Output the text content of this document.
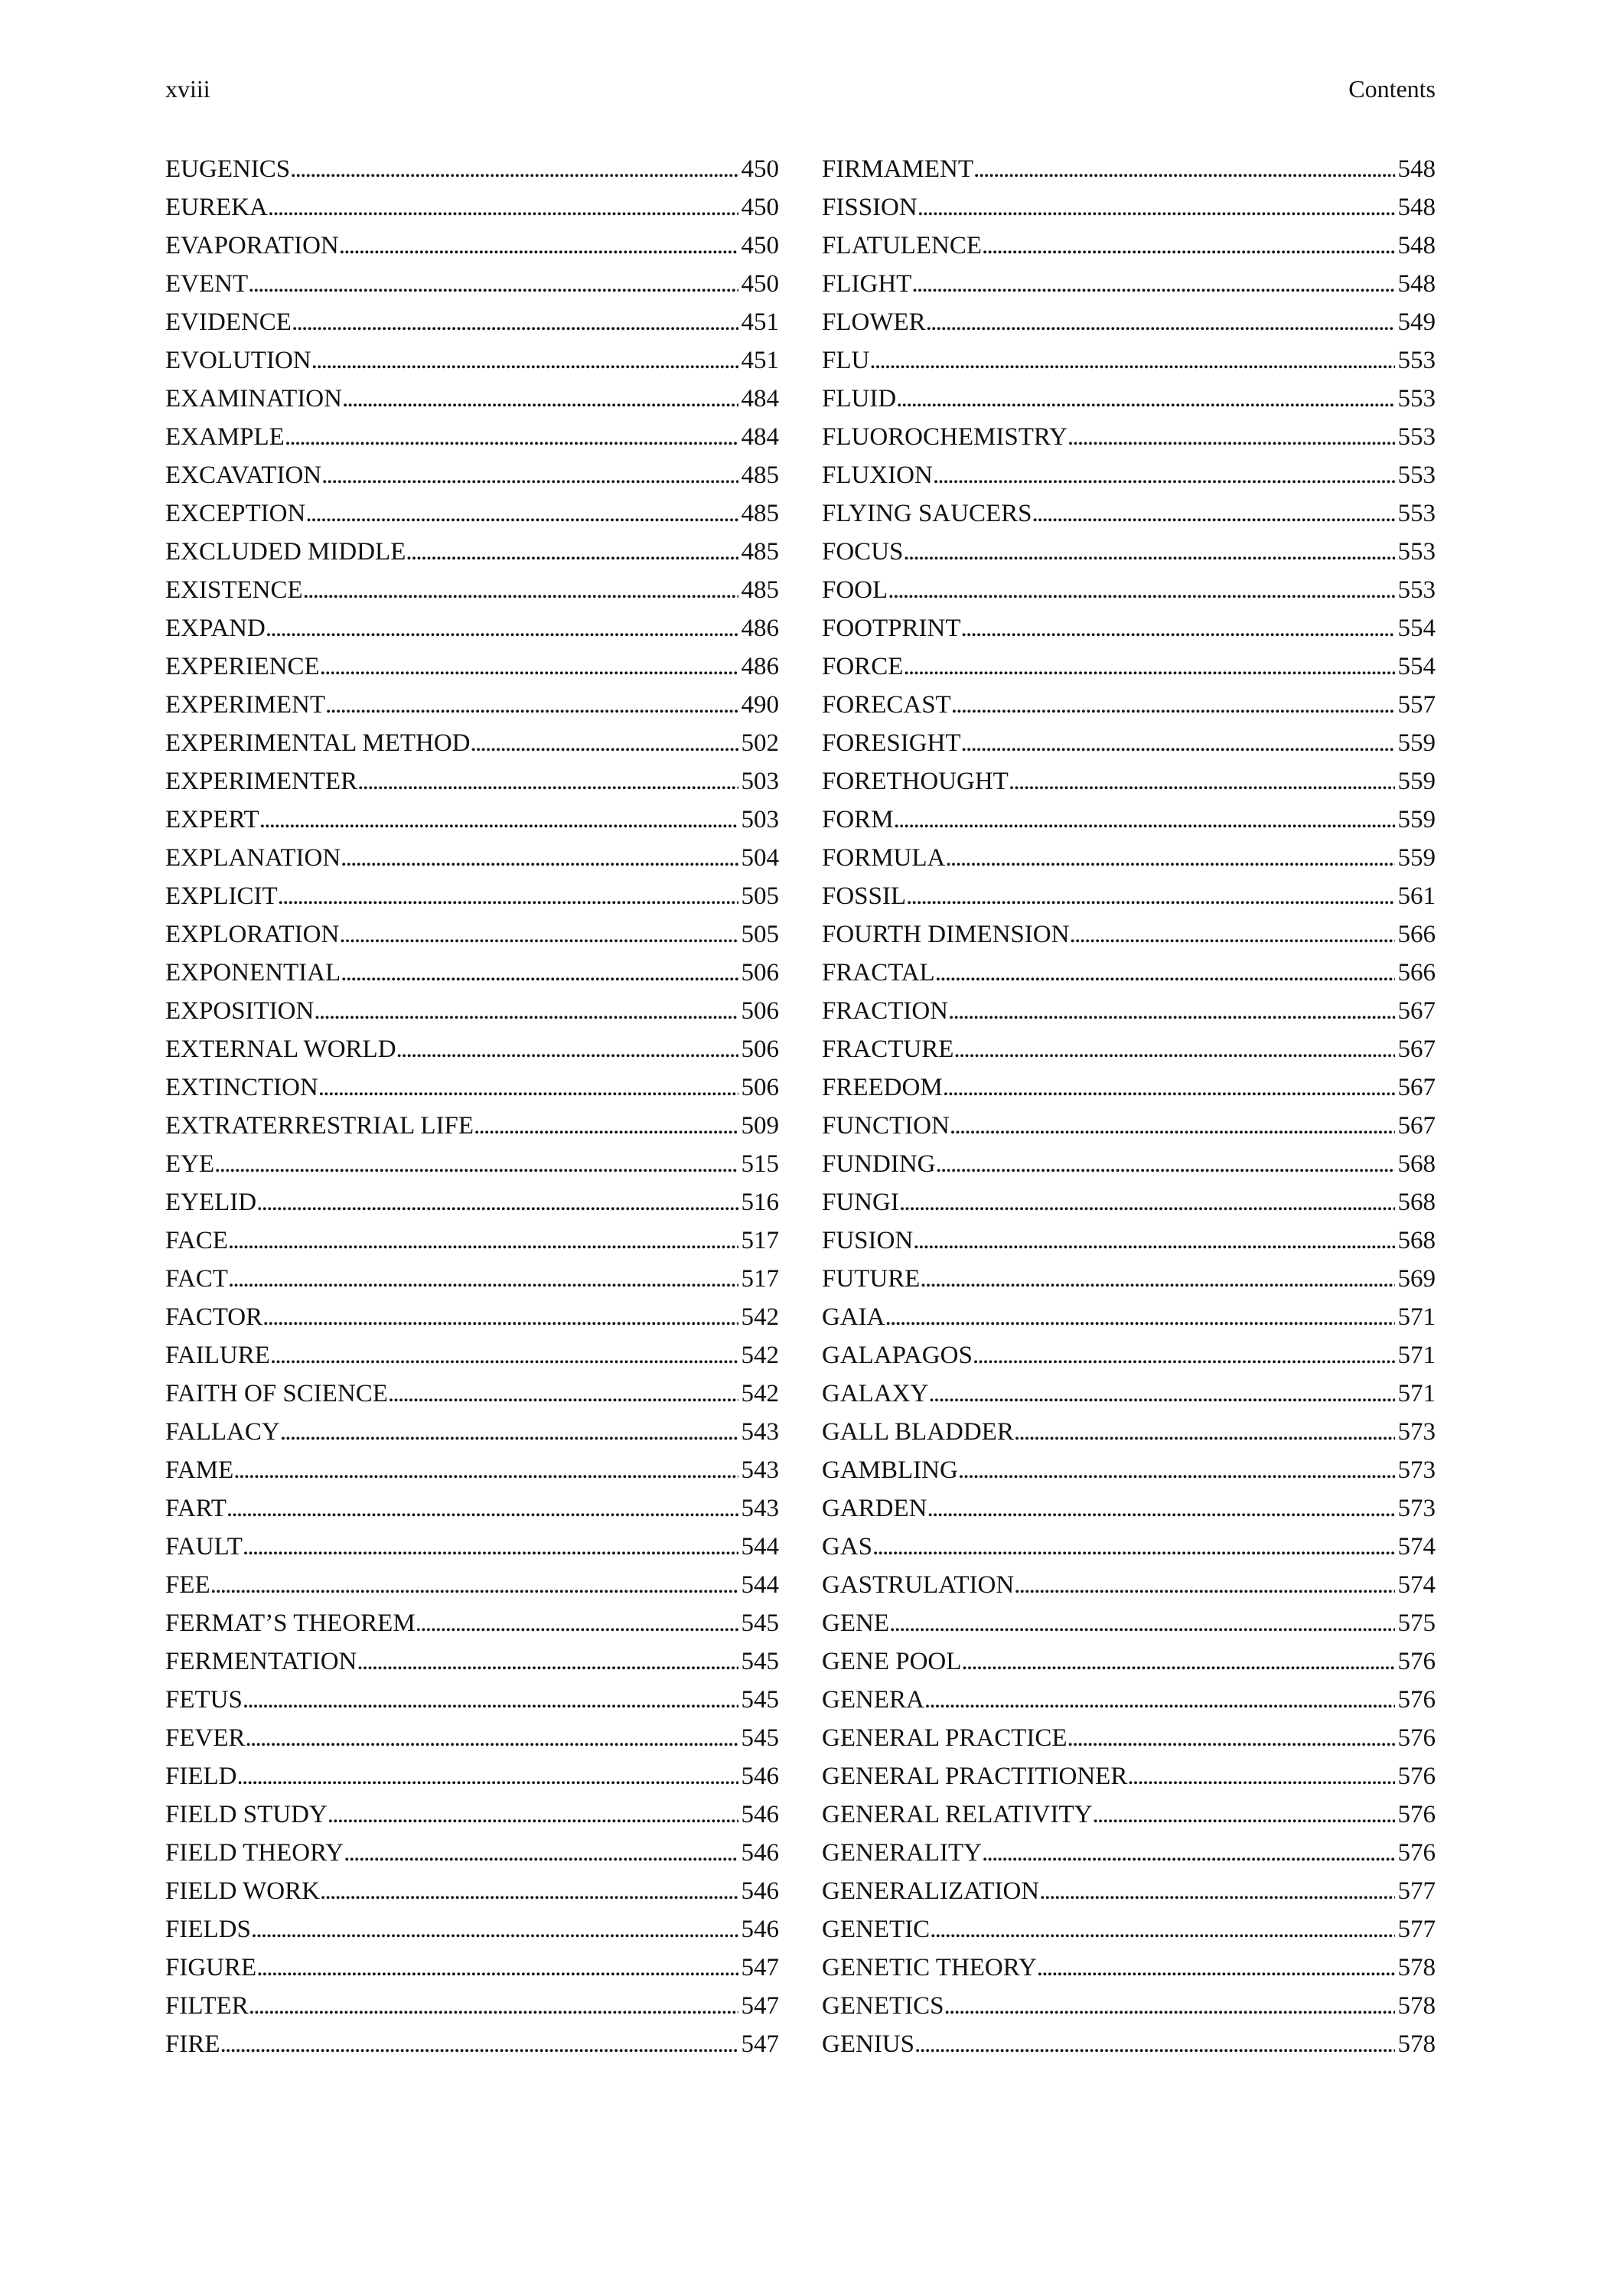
xviii	Contents
EUGENICS . . .	450
EUREKA . . .	450
EVAPORATION . . .	450
EVENT . . .	450
EVIDENCE . . .	451
EVOLUTION . . .	451
EXAMINATION . . .	484
EXAMPLE . . .	484
EXCAVATION . . .	485
EXCEPTION . . .	485
EXCLUDED MIDDLE . . .	485
EXISTENCE . . .	485
EXPAND . . .	486
EXPERIENCE . . .	486
EXPERIMENT . . .	490
EXPERIMENTAL METHOD . . .	502
EXPERIMENTER . . .	503
EXPERT . . .	503
EXPLANATION . . .	504
EXPLICIT . . .	505
EXPLORATION . . .	505
EXPONENTIAL . . .	506
EXPOSITION . . .	506
EXTERNAL WORLD . . .	506
EXTINCTION . . .	506
EXTRATERRESTRIAL LIFE . . .	509
EYE . . .	515
EYELID . . .	516
FACE . . .	517
FACT . . .	517
FACTOR . . .	542
FAILURE . . .	542
FAITH OF SCIENCE . . .	542
FALLACY . . .	543
FAME . . .	543
FART . . .	543
FAULT . . .	544
FEE . . .	544
FERMAT’S THEOREM . . .	545
FERMENTATION . . .	545
FETUS . . .	545
FEVER . . .	545
FIELD . . .	546
FIELD STUDY . . .	546
FIELD THEORY . . .	546
FIELD WORK . . .	546
FIELDS . . .	546
FIGURE . . .	547
FILTER . . .	547
FIRE . . .	547
FIRMAMENT . . .	548
FISSION . . .	548
FLATULENCE . . .	548
FLIGHT . . .	548
FLOWER . . .	549
FLU . . .	553
FLUID . . .	553
FLUOROCHEMISTRY . . .	553
FLUXION . . .	553
FLYING SAUCERS . . .	553
FOCUS . . .	553
FOOL . . .	553
FOOTPRINT . . .	554
FORCE . . .	554
FORECAST . . .	557
FORESIGHT . . .	559
FORETHOUGHT . . .	559
FORM . . .	559
FORMULA . . .	559
FOSSIL . . .	561
FOURTH DIMENSION . . .	566
FRACTAL . . .	566
FRACTION . . .	567
FRACTURE . . .	567
FREEDOM . . .	567
FUNCTION . . .	567
FUNDING . . .	568
FUNGI . . .	568
FUSION . . .	568
FUTURE . . .	569
GAIA . . .	571
GALAPAGOS . . .	571
GALAXY . . .	571
GALL BLADDER . . .	573
GAMBLING . . .	573
GARDEN . . .	573
GAS . . .	574
GASTRULATION . . .	574
GENE . . .	575
GENE POOL . . .	576
GENERA . . .	576
GENERAL PRACTICE . . .	576
GENERAL PRACTITIONER . . .	576
GENERAL RELATIVITY . . .	576
GENERALITY . . .	576
GENERALIZATION . . .	577
GENETIC . . .	577
GENETIC THEORY . . .	578
GENETICS . . .	578
GENIUS . . .	578
